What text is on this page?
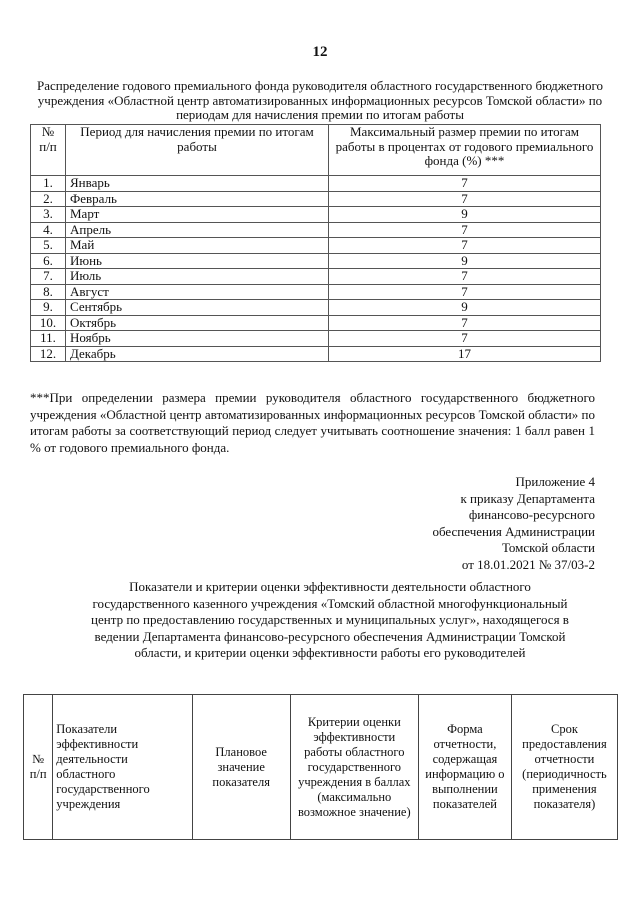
12
Распределение годового премиального фонда руководителя областного государственного бюджетного учреждения «Областной центр автоматизированных информационных ресурсов Томской области» по периодам для начисления премии по итогам работы
№ п/п	Период для начисления премии по итогам работы	Максимальный размер премии по итогам работы в процентах от годового премиального фонда (%) ***
1.	Январь	7
2.	Февраль	7
3.	Март	9
4.	Апрель	7
5.	Май	7
6.	Июнь	9
7.	Июль	7
8.	Август	7
9.	Сентябрь	9
10.	Октябрь	7
11.	Ноябрь	7
12.	Декабрь	17
***При определении размера премии руководителя областного государственного бюджетного учреждения «Областной центр автоматизированных информационных ресурсов Томской области» по итогам работы за соответствующий период следует учитывать соотношение значения: 1 балл равен 1 % от годового премиального фонда.
Приложение 4
к приказу Департамента
финансово-ресурсного
обеспечения Администрации
Томской области
от 18.01.2021 № 37/03-2
Показатели и критерии оценки эффективности деятельности областного государственного казенного учреждения «Томский областной многофункциональный центр по предоставлению государственных и муниципальных услуг», находящегося в ведении Департамента финансово-ресурсного обеспечения Администрации Томской области, и критерии оценки эффективности работы его руководителей
№ п/п	Показатели эффективности деятельности областного государственного учреждения	Плановое значение показателя	Критерии оценки эффективности работы областного государственного учреждения в баллах (максимально возможное значение)	Форма отчетности, содержащая информацию о выполнении показателей	Срок предоставления отчетности (периодичность применения показателя)
